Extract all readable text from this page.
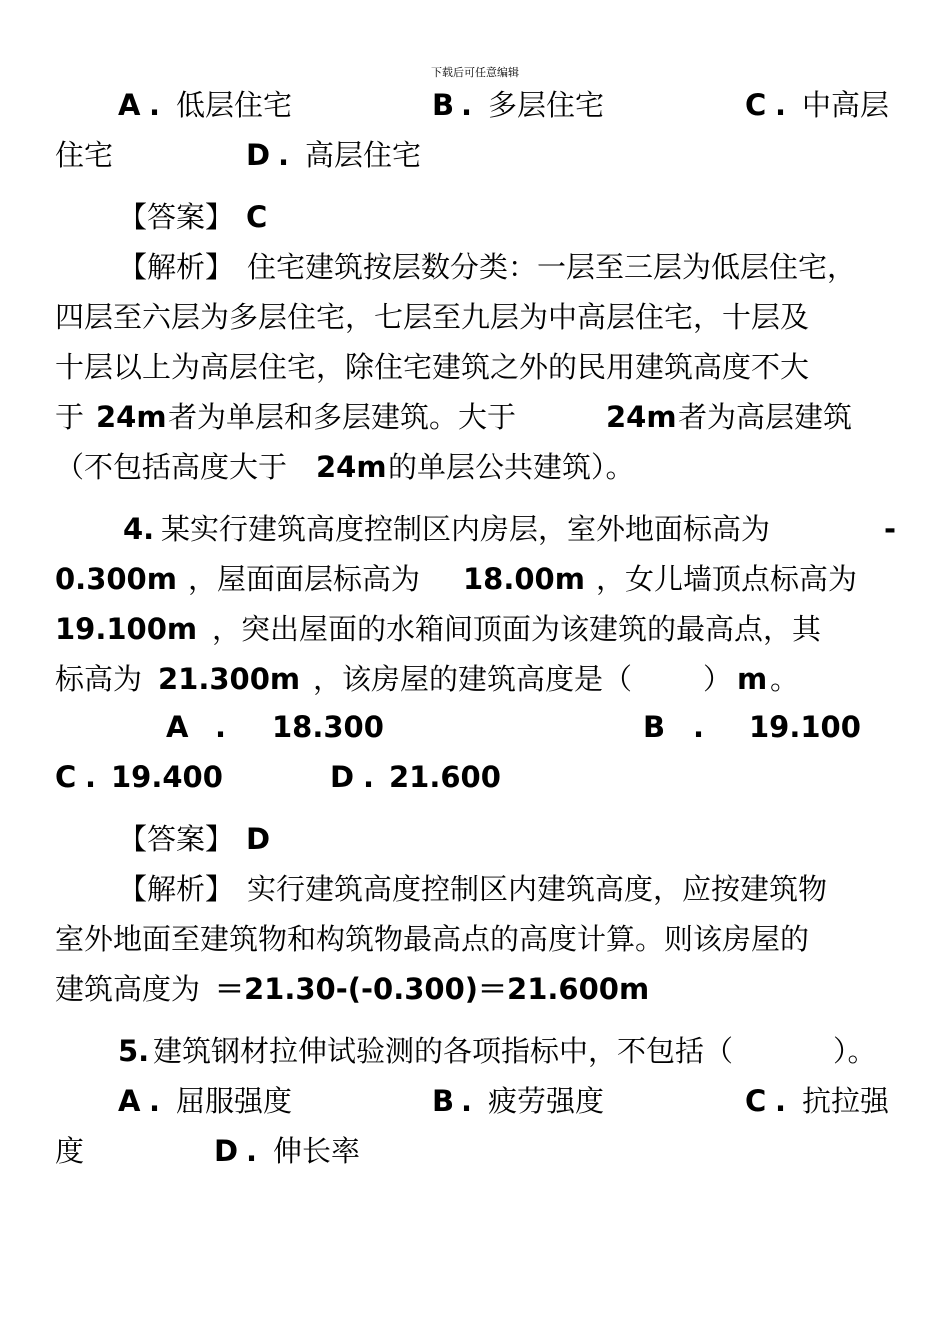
下载后可任意编辑
A . 低层住宅	B . 多层住宅	C . 中高层
住宅	D . 高层住宅
【答案】 C
【解析】 住宅建筑按层数分类：一层至三层为低层住宅，
四层至六层为多层住宅，七层至九层为中高层住宅，十层及
十层以上为高层住宅，除住宅建筑之外的民用建筑高度不大
于 24m 者为单层和多层建筑。大于	24m 者为高层建筑
（不包括高度大于 24m 的单层公共建筑）。
4. 某实行建筑高度控制区内房层，室外地面标高为	-
0.300m ，屋面面层标高为 18.00m ，女儿墙顶点标高为
19.100m ，突出屋面的水箱间顶面为该建筑的最高点，其
标高为 21.300m ，该房屋的建筑高度是（ ） m 。
A . 18.300	B . 19.100
C . 19.400	D . 21.600
【答案】 D
【解析】 实行建筑高度控制区内建筑高度，应按建筑物
室外地面至建筑物和构筑物最高点的高度计算。则该房屋的
建筑高度为 ＝21.30-(-0.300)＝21.600m
5. 建筑钢材拉伸试验测的各项指标中，不包括（	）。
A . 屈服强度	B . 疲劳强度	C . 抗拉强
度	D . 伸长率
